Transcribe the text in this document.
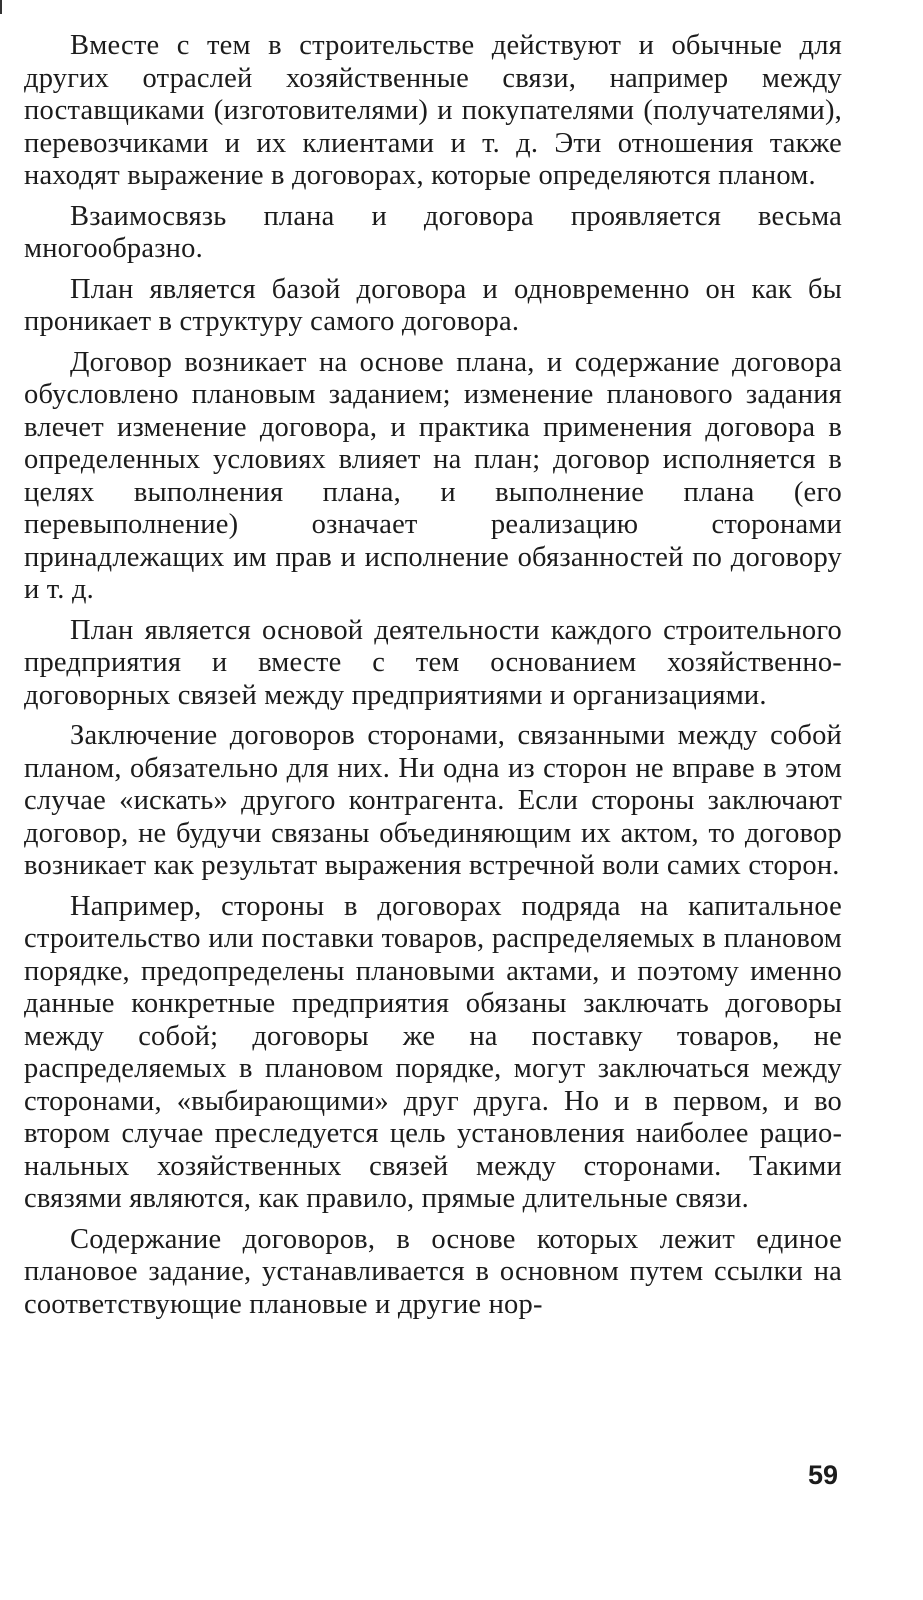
Вместе с тем в строительстве действуют и обычные для других отраслей хозяйственные связи, например между поставщиками (изготовителями) и покупателями (получателями), перевозчиками и их клиентами и т. д. Эти отношения также находят выражение в договорах, которые определяются планом.

Взаимосвязь плана и договора проявляется весьма многообразно.

План является базой договора и одновременно он как бы проникает в структуру самого договора.

Договор возникает на основе плана, и содержание договора обусловлено плановым заданием; изменение планового задания влечет изменение договора, и практика применения договора в определенных условиях влияет на план; договор исполняется в целях выполнения плана, и выполнение плана (его перевыполнение) означает реализацию сторонами принадлежащих им прав и исполнение обязанностей по договору и т. д.

План является основой деятельности каждого строительного предприятия и вместе с тем основанием хозяйственно-договорных связей между предприятиями и организациями.

Заключение договоров сторонами, связанными между собой планом, обязательно для них. Ни одна из сторон не вправе в этом случае «искать» другого контрагента. Если стороны заключают договор, не будучи связаны объединяющим их актом, то договор возникает как результат выражения встречной воли самих сторон.

Например, стороны в договорах подряда на капитальное строительство или поставки товаров, распределяемых в плановом порядке, предопределены плановыми актами, и поэтому именно данные конкретные предприятия обязаны заключать договоры между собой; договоры же на поставку товаров, не распределяемых в плановом порядке, могут заключаться между сторонами, «выбирающими» друг друга. Но и в первом, и во втором случае преследуется цель установления наиболее рациональных хозяйственных связей между сторонами. Такими связями являются, как правило, прямые длительные связи.

Содержание договоров, в основе которых лежит единое плановое задание, устанавливается в основном путем ссылки на соответствующие плановые и другие нор-

59
